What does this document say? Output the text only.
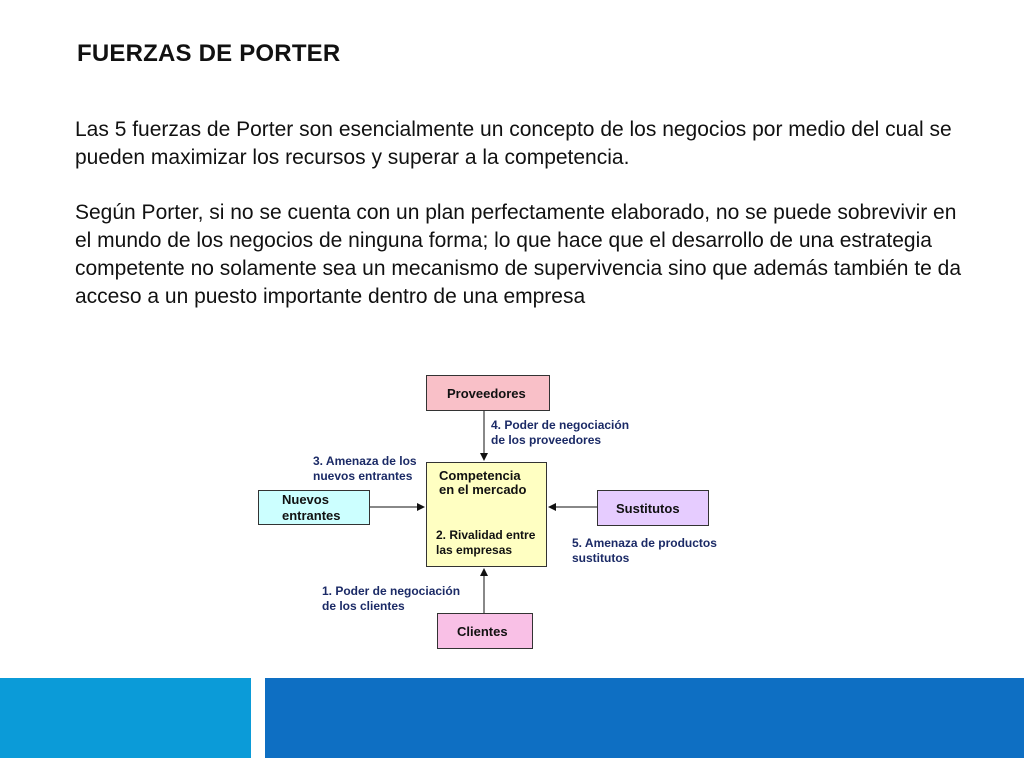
FUERZAS DE PORTER

Las 5 fuerzas de Porter son esencialmente un concepto de los negocios por medio del cual se pueden maximizar los recursos y superar a la competencia.

Según Porter, si no se cuenta con un plan perfectamente elaborado, no se puede sobrevivir en el mundo de los negocios de ninguna forma; lo que hace que el desarrollo de una estrategia competente no solamente sea un mecanismo de supervivencia sino que además también te da acceso a un puesto importante dentro de una empresa

Proveedores
Nuevos
entrantes
Competencia
en el mercado
2. Rivalidad entre
las empresas
Sustitutos
Clientes
4. Poder de negociación
de los proveedores
3. Amenaza de los
nuevos entrantes
5. Amenaza de productos
sustitutos
1. Poder de negociación
de los clientes
